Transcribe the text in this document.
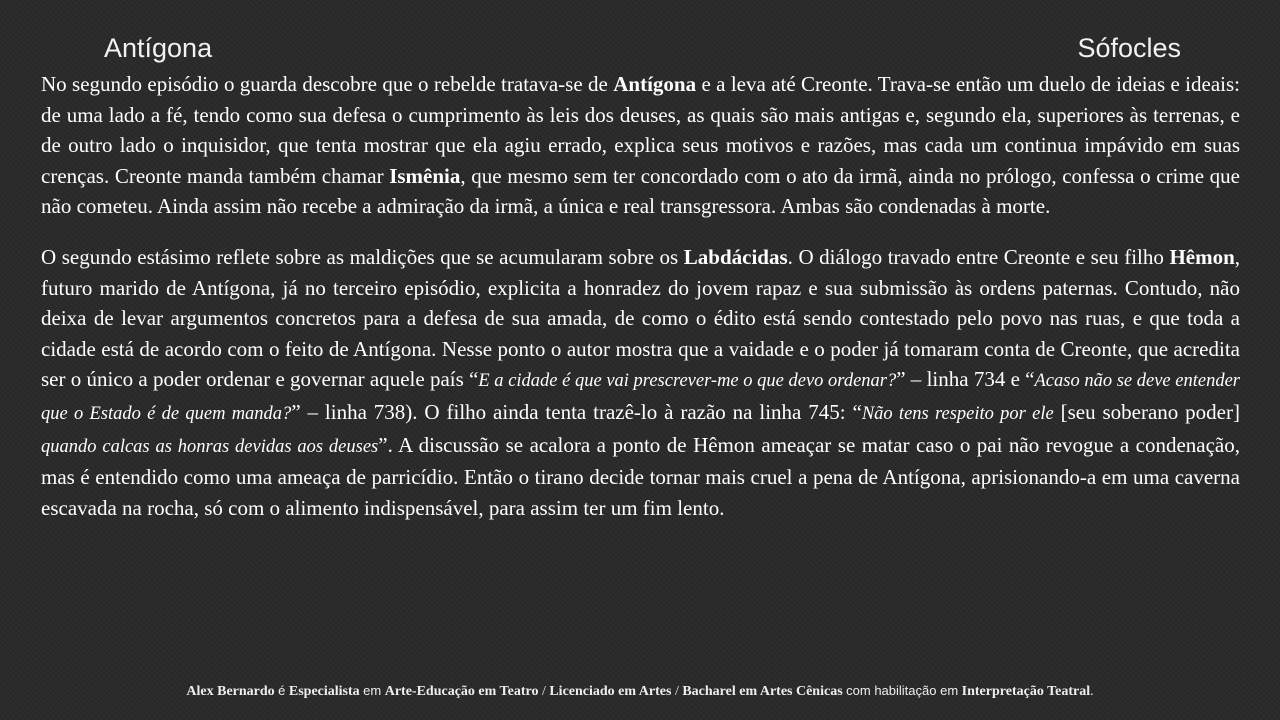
Antígona	Sófocles

No segundo episódio o guarda descobre que o rebelde tratava-se de Antígona e a leva até Creonte. Trava-se então um duelo de ideias e ideais: de uma lado a fé, tendo como sua defesa o cumprimento às leis dos deuses, as quais são mais antigas e, segundo ela, superiores às terrenas, e de outro lado o inquisidor, que tenta mostrar que ela agiu errado, explica seus motivos e razões, mas cada um continua impávido em suas crenças. Creonte manda também chamar Ismênia, que mesmo sem ter concordado com o ato da irmã, ainda no prólogo, confessa o crime que não cometeu. Ainda assim não recebe a admiração da irmã, a única e real transgressora. Ambas são condenadas à morte.

O segundo estásimo reflete sobre as maldições que se acumularam sobre os Labdácidas. O diálogo travado entre Creonte e seu filho Hêmon, futuro marido de Antígona, já no terceiro episódio, explicita a honradez do jovem rapaz e sua submissão às ordens paternas. Contudo, não deixa de levar argumentos concretos para a defesa de sua amada, de como o édito está sendo contestado pelo povo nas ruas, e que toda a cidade está de acordo com o feito de Antígona. Nesse ponto o autor mostra que a vaidade e o poder já tomaram conta de Creonte, que acredita ser o único a poder ordenar e governar aquele país “E a cidade é que vai prescrever-me o que devo ordenar?” – linha 734 e “Acaso não se deve entender que o Estado é de quem manda?” – linha 738). O filho ainda tenta trazê-lo à razão na linha 745: “Não tens respeito por ele [seu soberano poder] quando calcas as honras devidas aos deuses”. A discussão se acalora a ponto de Hêmon ameaçar se matar caso o pai não revogue a condenação, mas é entendido como uma ameaça de parricídio. Então o tirano decide tornar mais cruel a pena de Antígona, aprisionando-a em uma caverna escavada na rocha, só com o alimento indispensável, para assim ter um fim lento.

Alex Bernardo é Especialista em Arte-Educação em Teatro / Licenciado em Artes / Bacharel em Artes Cênicas com habilitação em Interpretação Teatral.
